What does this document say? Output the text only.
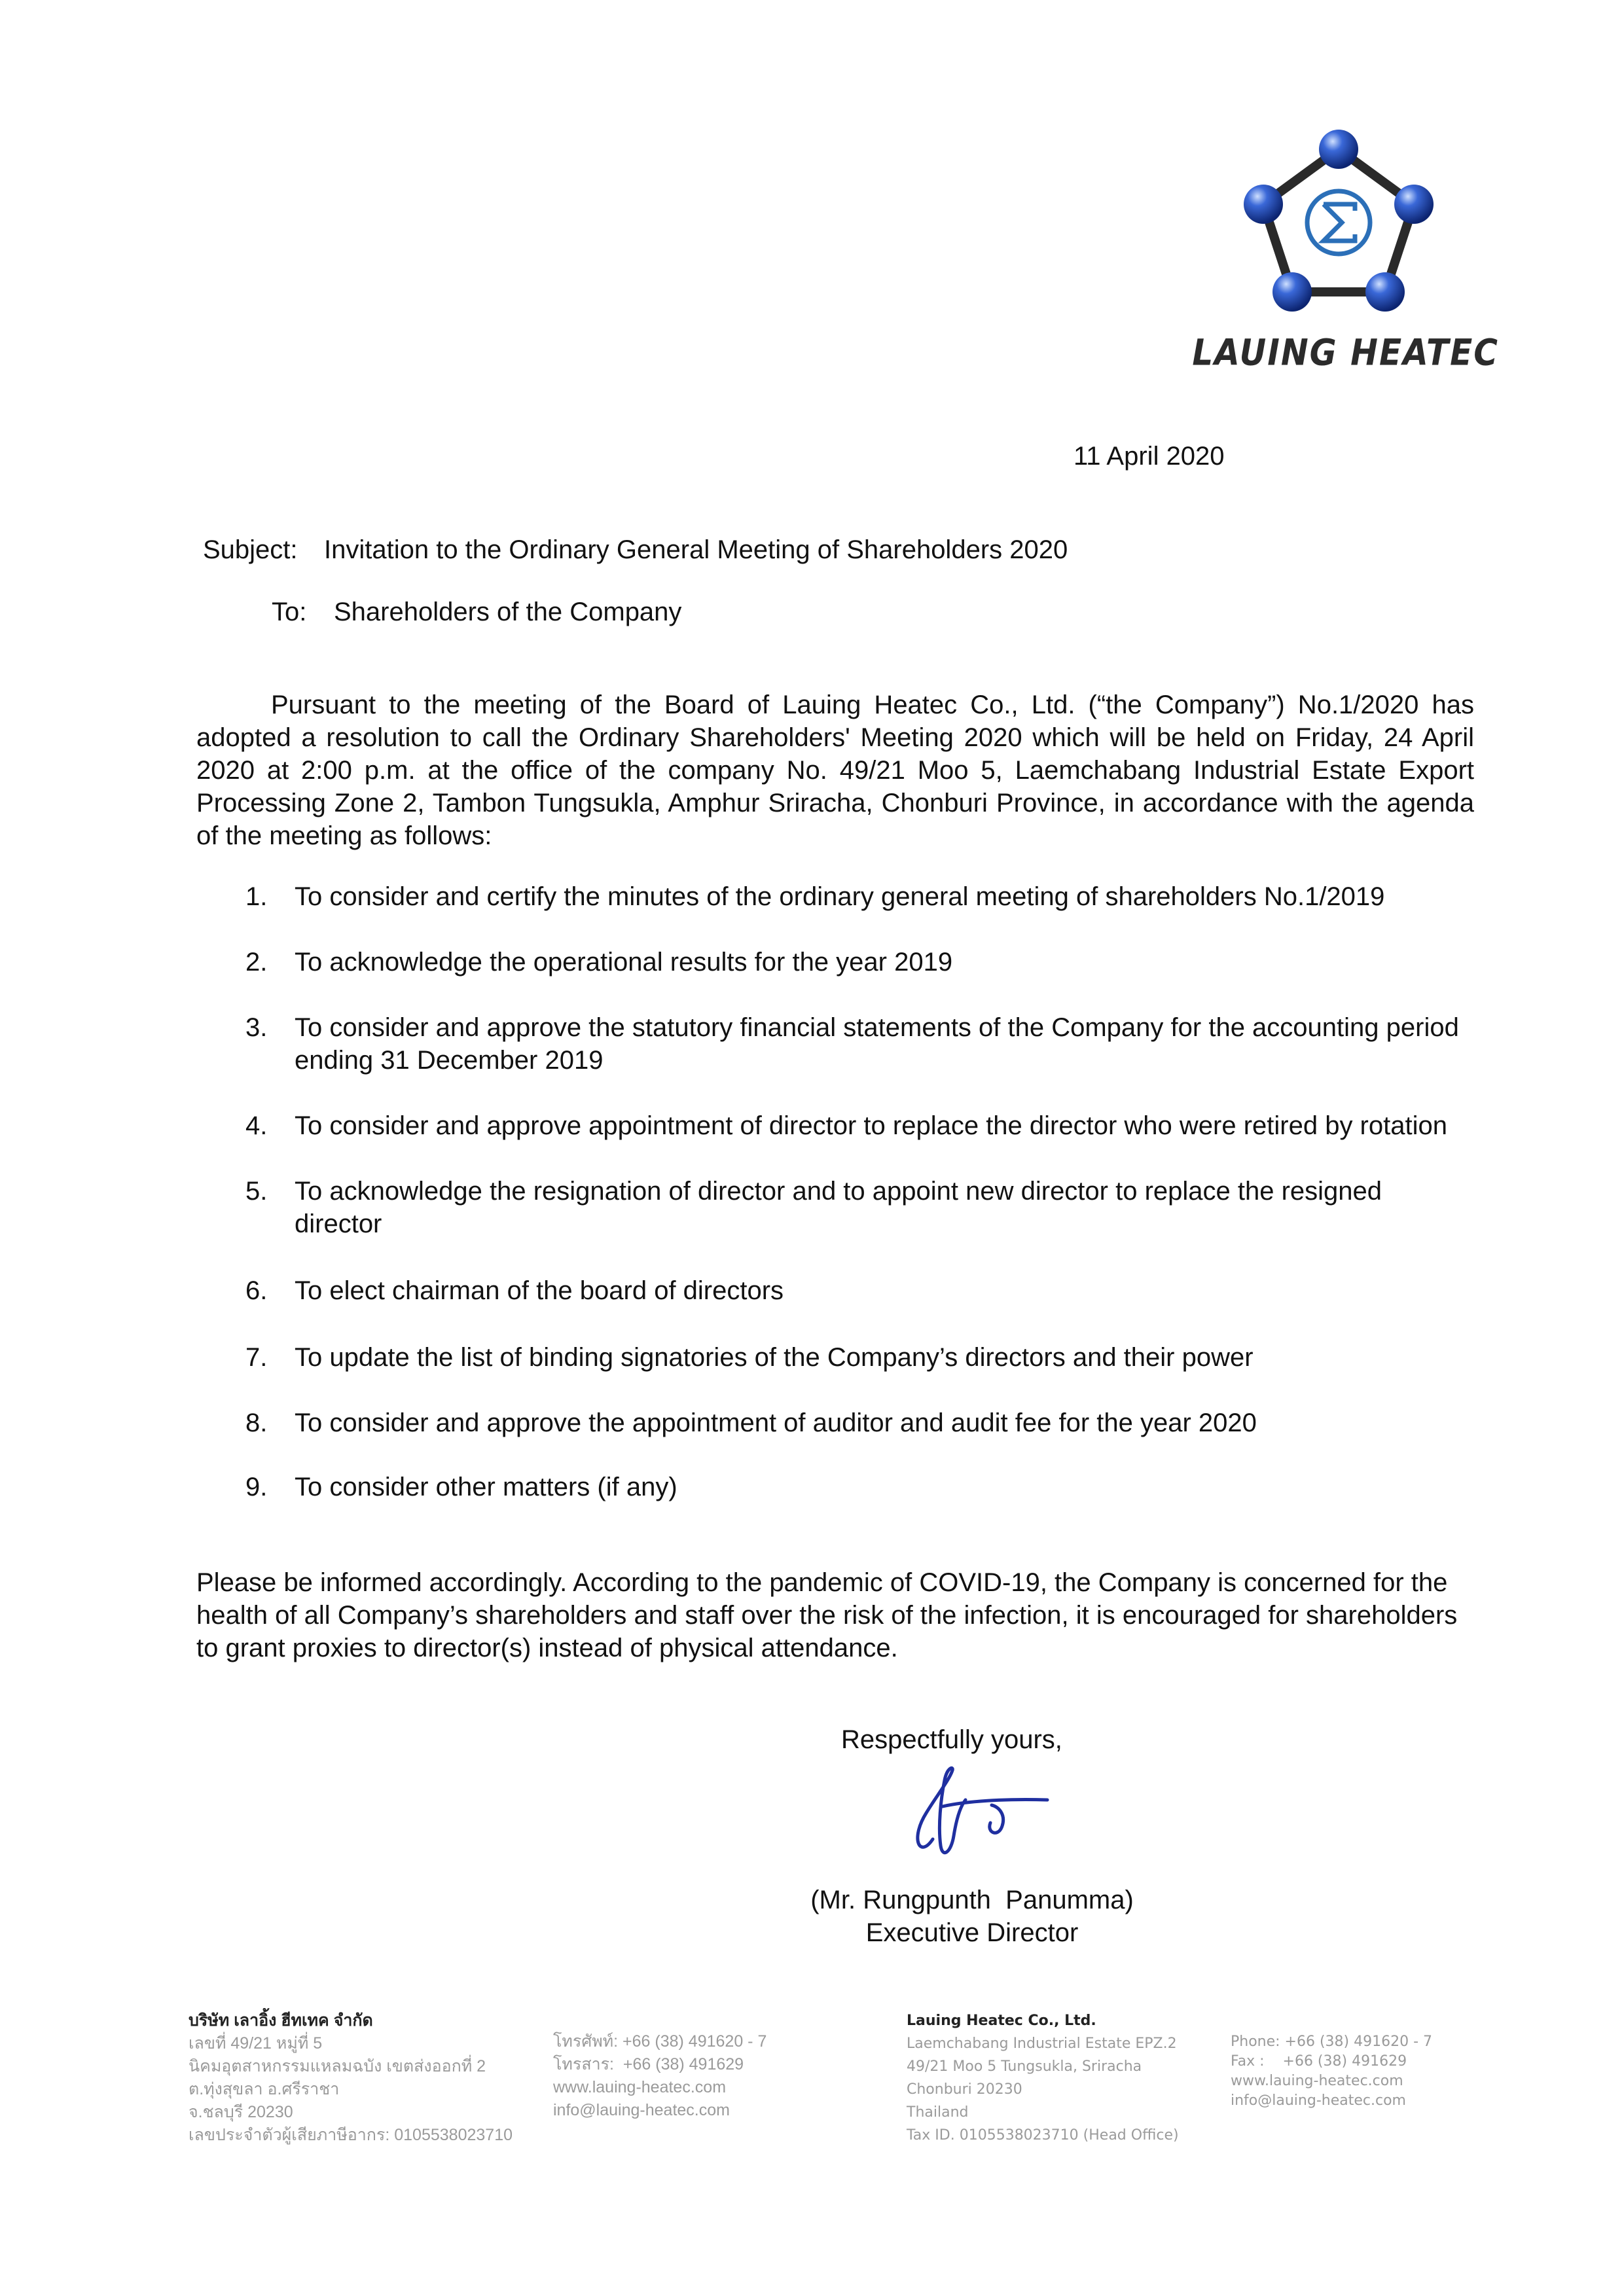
LAUING HEATEC
11 April 2020
Subject: Invitation to the Ordinary General Meeting of Shareholders 2020
To: Shareholders of the Company

Pursuant to the meeting of the Board of Lauing Heatec Co., Ltd. (“the Company”) No.1/2020 has adopted a resolution to call the Ordinary Shareholders' Meeting 2020 which will be held on Friday, 24 April 2020 at 2:00 p.m. at the office of the company No. 49/21 Moo 5, Laemchabang Industrial Estate Export Processing Zone 2, Tambon Tungsukla, Amphur Sriracha, Chonburi Province, in accordance with the agenda of the meeting as follows:

1. To consider and certify the minutes of the ordinary general meeting of shareholders No.1/2019
2. To acknowledge the operational results for the year 2019
3. To consider and approve the statutory financial statements of the Company for the accounting period ending 31 December 2019
4. To consider and approve appointment of director to replace the director who were retired by rotation
5. To acknowledge the resignation of director and to appoint new director to replace the resigned director
6. To elect chairman of the board of directors
7. To update the list of binding signatories of the Company’s directors and their power
8. To consider and approve the appointment of auditor and audit fee for the year 2020
9. To consider other matters (if any)

Please be informed accordingly. According to the pandemic of COVID-19, the Company is concerned for the health of all Company’s shareholders and staff over the risk of the infection, it is encouraged for shareholders to grant proxies to director(s) instead of physical attendance.

Respectfully yours,
(Mr. Rungpunth  Panumma)
Executive Director
บริษัท เลาอิ้ง ฮีทเทค จำกัด
เลขที่ 49/21 หมู่ที่ 5
นิคมอุตสาหกรรมแหลมฉบัง เขตส่งออกที่ 2
ต.ทุ่งสุขลา อ.ศรีราชา
จ.ชลบุรี 20230
เลขประจำตัวผู้เสียภาษีอากร: 0105538023710
โทรศัพท์: +66 (38) 491620 - 7
โทรสาร:  +66 (38) 491629
www.lauing-heatec.com
info@lauing-heatec.com
Lauing Heatec Co., Ltd.
Laemchabang Industrial Estate EPZ.2
49/21 Moo 5 Tungsukla, Sriracha
Chonburi 20230
Thailand
Tax ID. 0105538023710 (Head Office)
Phone: +66 (38) 491620 - 7
Fax :    +66 (38) 491629
www.lauing-heatec.com
info@lauing-heatec.com
